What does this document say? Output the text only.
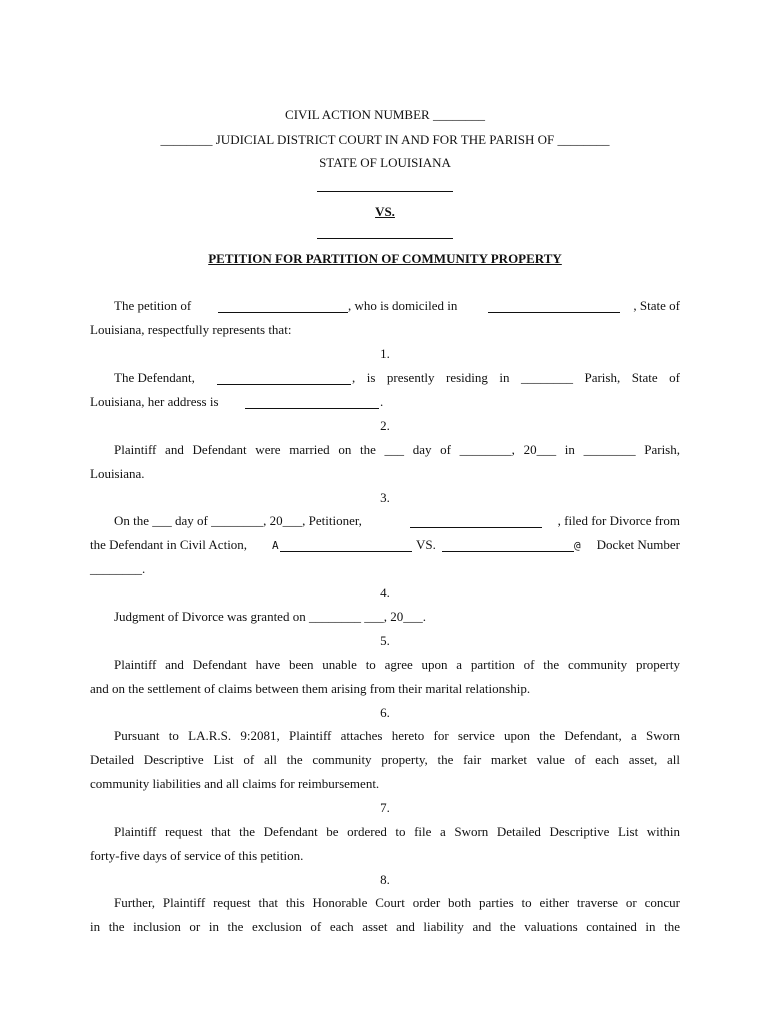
CIVIL ACTION NUMBER ________
________ JUDICIAL DISTRICT COURT IN AND FOR THE PARISH OF ________
STATE OF LOUISIANA
VS.
PETITION FOR PARTITION OF COMMUNITY PROPERTY
The petition of	, who is domiciled in	, State of
Louisiana, respectfully represents that:
1.
The Defendant,	, is presently residing in ________ Parish, State of
Louisiana, her address is	.
2.
Plaintiff and Defendant were married on the ___ day of ________, 20___ in ________ Parish,
Louisiana.
3.
On the ___ day of ________, 20___, Petitioner,	, filed for Divorce from
the Defendant in Civil Action, A	VS.	@ Docket Number
________.
4.
Judgment of Divorce was granted on ________ ___, 20___.
5.
Plaintiff and Defendant have been unable to agree upon a partition of the community property
and on the settlement of claims between them arising from their marital relationship.
6.
Pursuant to LA.R.S. 9:2081, Plaintiff attaches hereto for service upon the Defendant, a Sworn
Detailed Descriptive List of all the community property, the fair market value of each asset, all
community liabilities and all claims for reimbursement.
7.
Plaintiff request that the Defendant be ordered to file a Sworn Detailed Descriptive List within
forty-five days of service of this petition.
8.
Further, Plaintiff request that this Honorable Court order both parties to either traverse or concur
in the inclusion or in the exclusion of each asset and liability and the valuations contained in the
